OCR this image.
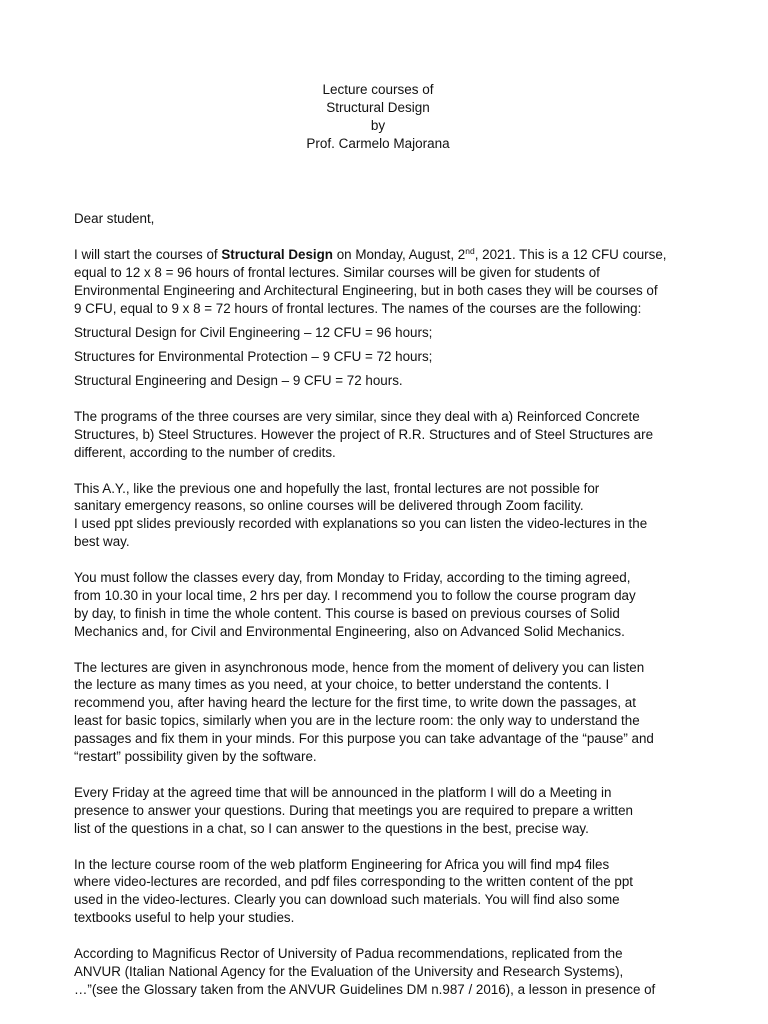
Lecture courses of
Structural Design
by
Prof. Carmelo Majorana
Dear student,
I will start the courses of Structural Design on Monday, August, 2nd, 2021. This is a 12 CFU course,
equal to 12 x 8 = 96 hours of frontal lectures. Similar courses will be given for students of
Environmental Engineering and Architectural Engineering, but in both cases they will be courses of
9 CFU, equal to 9 x 8 = 72 hours of frontal lectures. The names of the courses are the following:
Structural Design for Civil Engineering – 12 CFU = 96 hours;
Structures for Environmental Protection – 9 CFU = 72 hours;
Structural Engineering and Design – 9 CFU = 72 hours.
The programs of the three courses are very similar, since they deal with a) Reinforced Concrete
Structures, b) Steel Structures. However the project of R.R. Structures and of Steel Structures are
different, according to the number of credits.
This A.Y., like the previous one and hopefully the last, frontal lectures are not possible for
sanitary emergency reasons, so online courses will be delivered through Zoom facility.
I used ppt slides previously recorded with explanations so you can listen the video-lectures in the
best way.
You must follow the classes every day, from Monday to Friday, according to the timing agreed,
from 10.30 in your local time, 2 hrs per day. I recommend you to follow the course program day
by day, to finish in time the whole content. This course is based on previous courses of Solid
Mechanics and, for Civil and Environmental Engineering, also on Advanced Solid Mechanics.
The lectures are given in asynchronous mode, hence from the moment of delivery you can listen
the lecture as many times as you need, at your choice, to better understand the contents. I
recommend you, after having heard the lecture for the first time, to write down the passages, at
least for basic topics, similarly when you are in the lecture room: the only way to understand the
passages and fix them in your minds. For this purpose you can take advantage of the “pause” and
“restart” possibility given by the software.
Every Friday at the agreed time that will be announced in the platform I will do a Meeting in
presence to answer your questions. During that meetings you are required to prepare a written
list of the questions in a chat, so I can answer to the questions in the best, precise way.
In the lecture course room of the web platform Engineering for Africa you will find mp4 files
where video-lectures are recorded, and pdf files corresponding to the written content of the ppt
used in the video-lectures. Clearly you can download such materials. You will find also some
textbooks useful to help your studies.
According to Magnificus Rector of University of Padua recommendations, replicated from the
ANVUR (Italian National Agency for the Evaluation of the University and Research Systems),
…”(see the Glossary taken from the ANVUR Guidelines DM n.987 / 2016), a lesson in presence of
